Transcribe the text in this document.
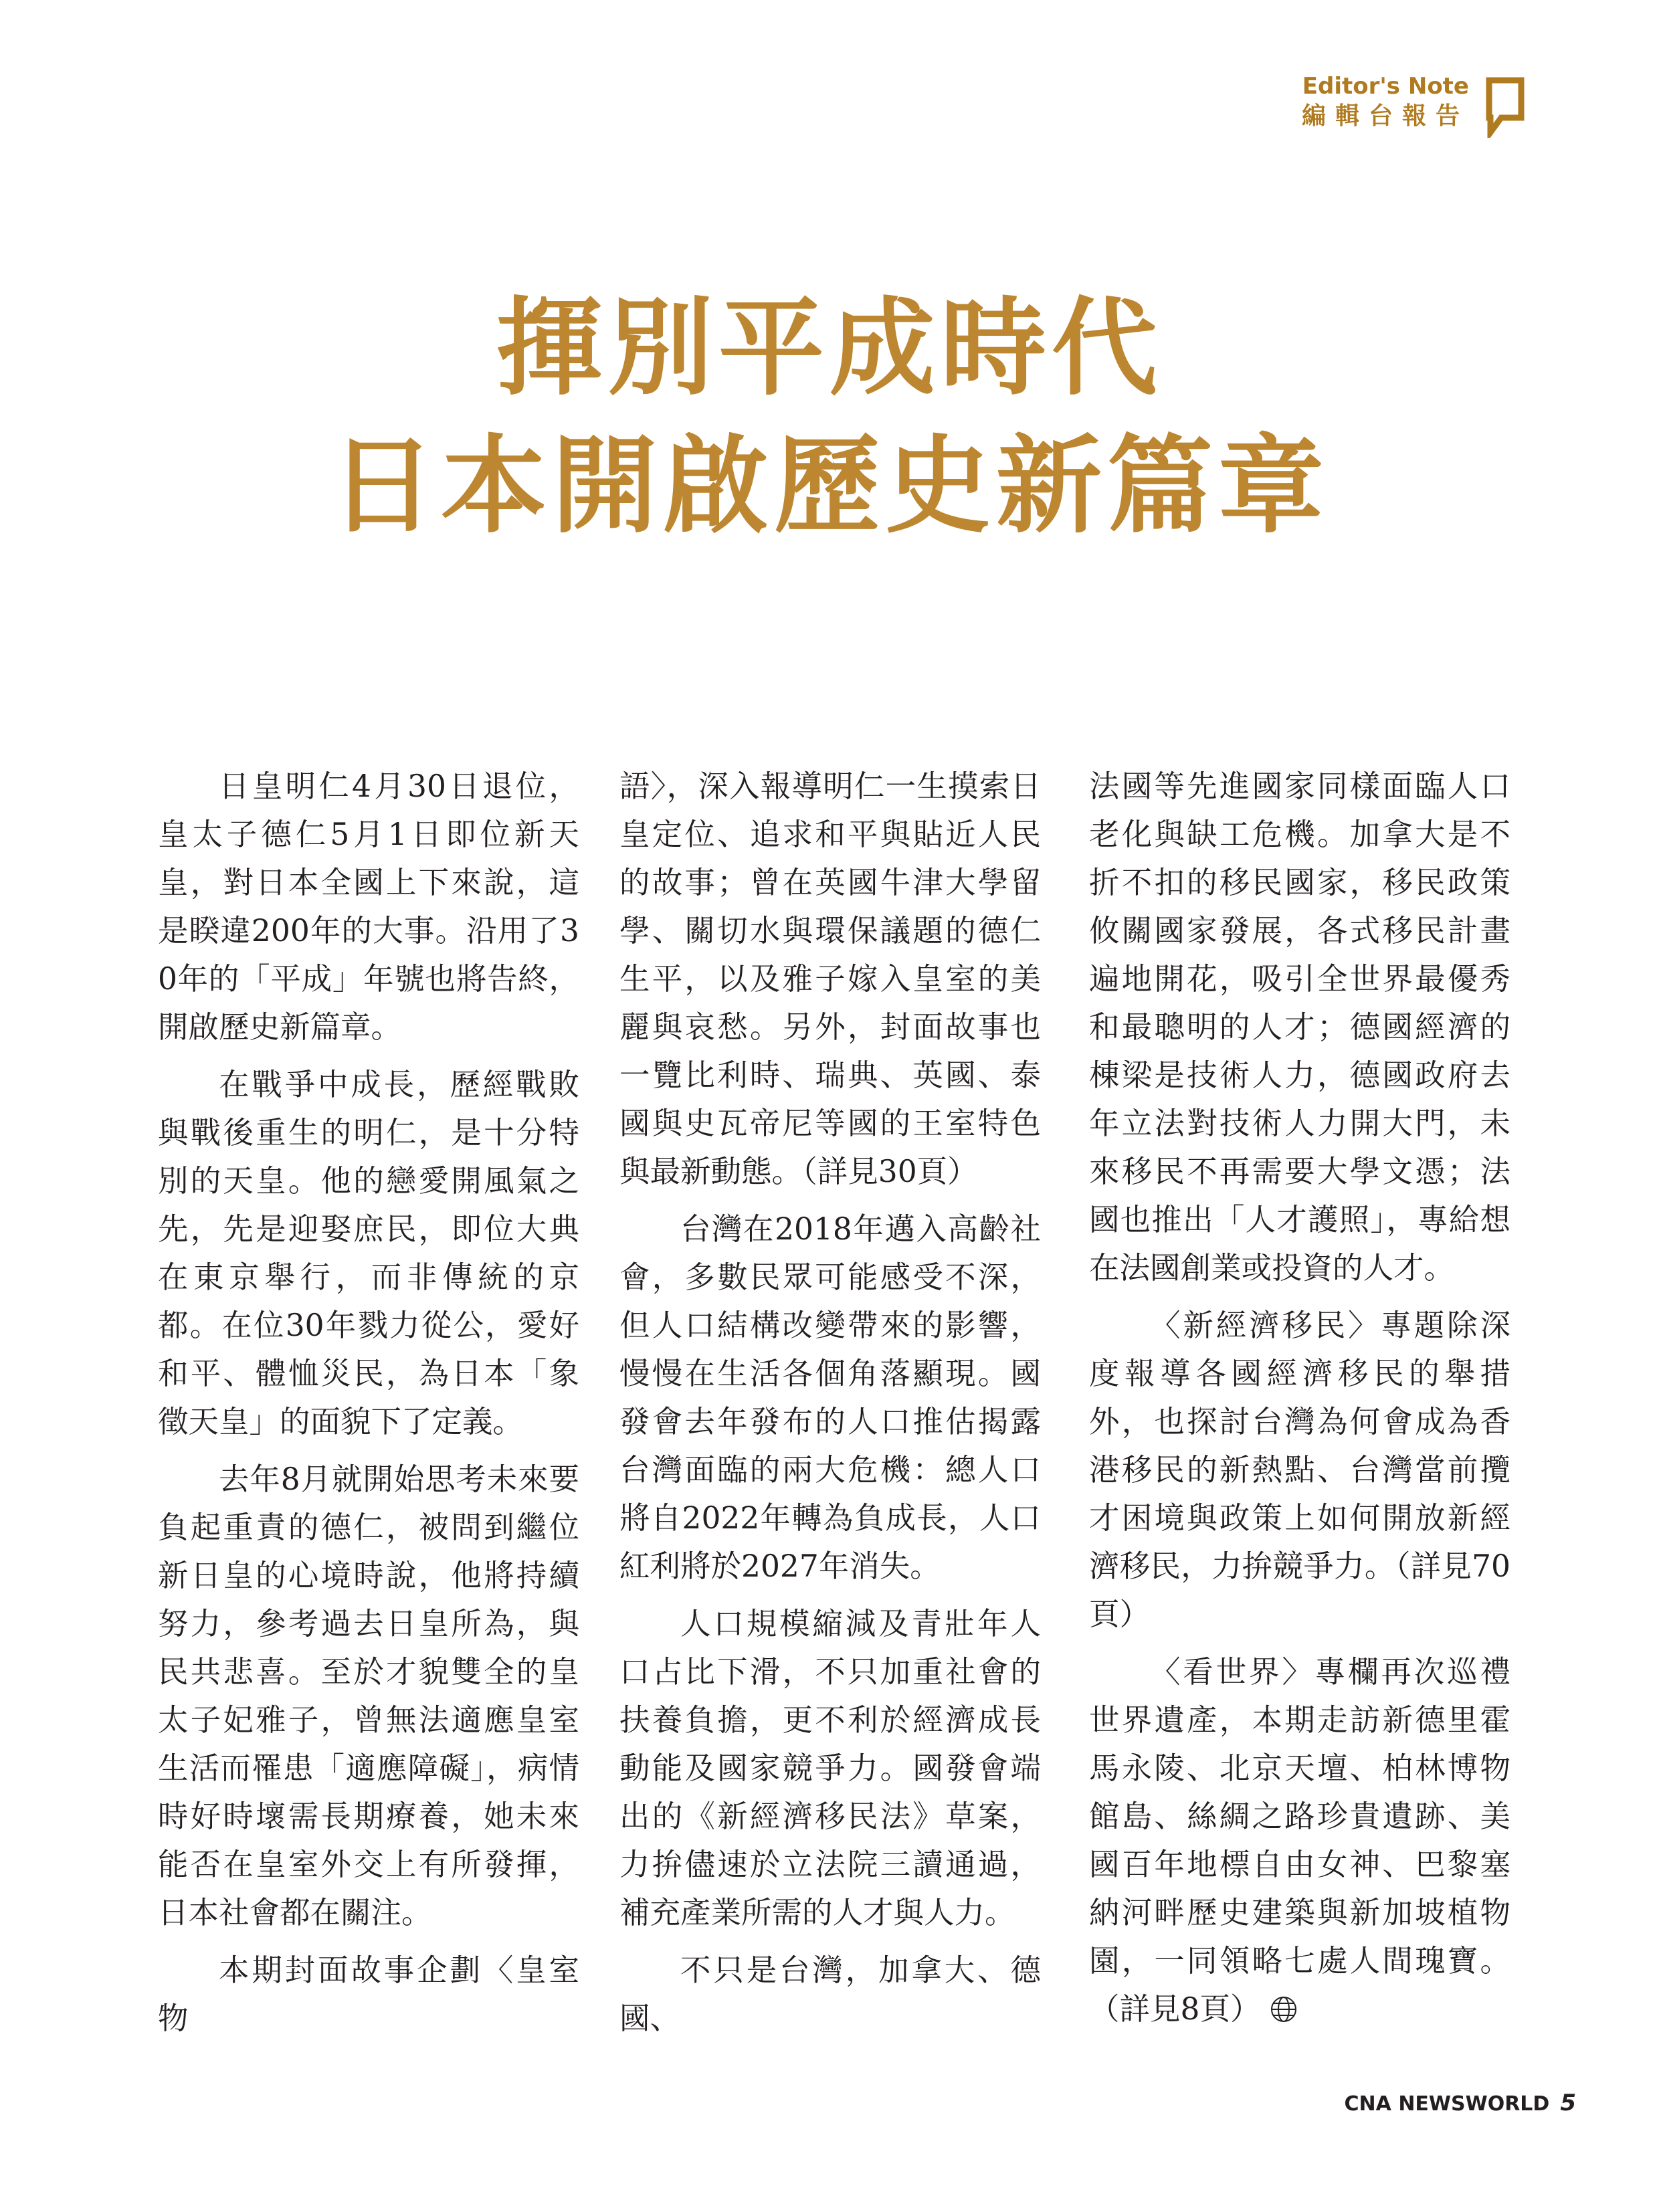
Editor's Note
編輯台報告
揮別平成時代
日本開啟歷史新篇章

日皇明仁4月30日退位，皇太子德仁5月1日即位新天皇，對日本全國上下來說，這是睽違200年的大事。沿用了30年的「平成」年號也將告終，開啟歷史新篇章。

在戰爭中成長，歷經戰敗與戰後重生的明仁，是十分特別的天皇。他的戀愛開風氣之先，先是迎娶庶民，即位大典在東京舉行，而非傳統的京都。在位30年戮力從公，愛好和平、體恤災民，為日本「象徵天皇」的面貌下了定義。

去年8月就開始思考未來要負起重責的德仁，被問到繼位新日皇的心境時說，他將持續努力，參考過去日皇所為，與民共悲喜。至於才貌雙全的皇太子妃雅子，曾無法適應皇室生活而罹患「適應障礙」，病情時好時壞需長期療養，她未來能否在皇室外交上有所發揮，日本社會都在關注。

本期封面故事企劃〈皇室物

語〉，深入報導明仁一生摸索日皇定位、追求和平與貼近人民的故事；曾在英國牛津大學留學、關切水與環保議題的德仁生平，以及雅子嫁入皇室的美麗與哀愁。另外，封面故事也一覽比利時、瑞典、英國、泰國與史瓦帝尼等國的王室特色與最新動態。（詳見30頁）

台灣在2018年邁入高齡社會，多數民眾可能感受不深，但人口結構改變帶來的影響，慢慢在生活各個角落顯現。國發會去年發布的人口推估揭露台灣面臨的兩大危機：總人口將自2022年轉為負成長，人口紅利將於2027年消失。

人口規模縮減及青壯年人口占比下滑，不只加重社會的扶養負擔，更不利於經濟成長動能及國家競爭力。國發會端出的《新經濟移民法》草案，力拚儘速於立法院三讀通過，補充產業所需的人才與人力。

不只是台灣，加拿大、德國、

法國等先進國家同樣面臨人口老化與缺工危機。加拿大是不折不扣的移民國家，移民政策攸關國家發展，各式移民計畫遍地開花，吸引全世界最優秀和最聰明的人才；德國經濟的棟梁是技術人力，德國政府去年立法對技術人力開大門，未來移民不再需要大學文憑；法國也推出「人才護照」，專給想在法國創業或投資的人才。

〈新經濟移民〉專題除深度報導各國經濟移民的舉措外，也探討台灣為何會成為香港移民的新熱點、台灣當前攬才困境與政策上如何開放新經濟移民，力拚競爭力。（詳見70頁）

〈看世界〉專欄再次巡禮世界遺產，本期走訪新德里霍馬永陵、北京天壇、柏林博物館島、絲綢之路珍貴遺跡、美國百年地標自由女神、巴黎塞納河畔歷史建築與新加坡植物園，一同領略七處人間瑰寶。（詳見8頁）

CNA NEWSWORLD 5
